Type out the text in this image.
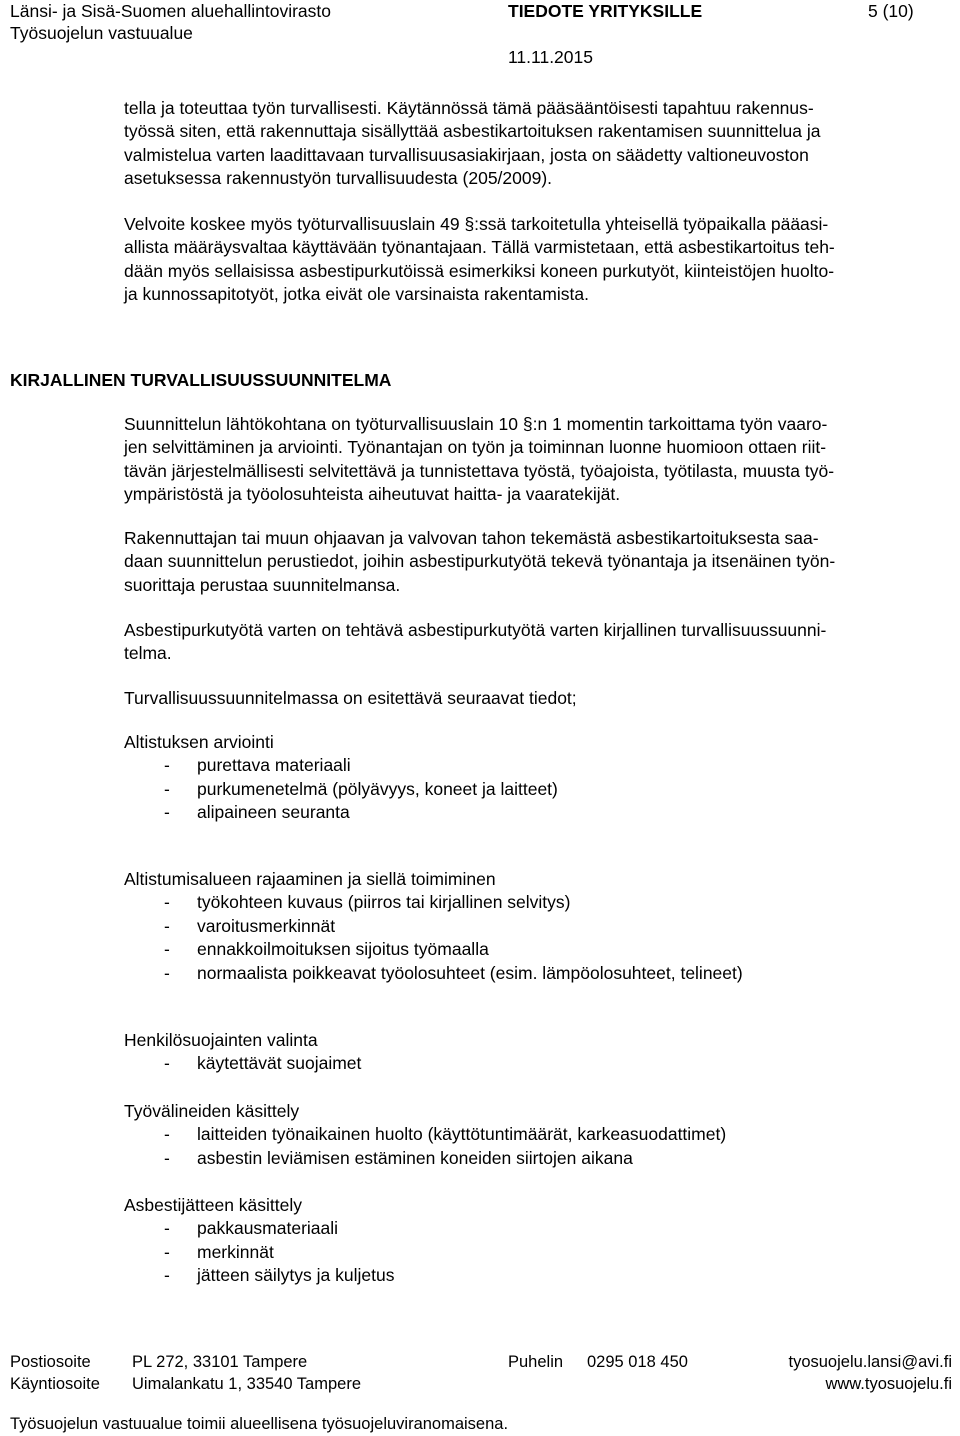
Länsi- ja Sisä-Suomen aluehallintovirasto
Työsuojelun vastuualue
TIEDOTE YRITYKSILLE	5 (10)
11.11.2015
tella ja toteuttaa työn turvallisesti. Käytännössä tämä pääsääntöisesti tapahtuu rakennus-
työssä siten, että rakennuttaja sisällyttää asbestikartoituksen rakentamisen suunnittelua ja
valmistelua varten laadittavaan turvallisuusasiakirjaan, josta on säädetty valtioneuvoston
asetuksessa rakennustyön turvallisuudesta (205/2009).
Velvoite koskee myös työturvallisuuslain 49 §:ssä tarkoitetulla yhteisellä työpaikalla pääasi-
allista määräysvaltaa käyttävään työnantajaan. Tällä varmistetaan, että asbestikartoitus teh-
dään myös sellaisissa asbestipurkutöissä esimerkiksi koneen purkutyöt, kiinteistöjen huolto-
ja kunnossapitotyöt, jotka eivät ole varsinaista rakentamista.
KIRJALLINEN TURVALLISUUSSUUNNITELMA
Suunnittelun lähtökohtana on työturvallisuuslain 10 §:n 1 momentin tarkoittama työn vaaro-
jen selvittäminen ja arviointi. Työnantajan on työn ja toiminnan luonne huomioon ottaen riit-
tävän järjestelmällisesti selvitettävä ja tunnistettava työstä, työajoista, työtilasta, muusta työ-
ympäristöstä ja työolosuhteista aiheutuvat haitta- ja vaaratekijät.
Rakennuttajan tai muun ohjaavan ja valvovan tahon tekemästä asbestikartoituksesta saa-
daan suunnittelun perustiedot, joihin asbestipurkutyötä tekevä työnantaja ja itsenäinen työn-
suorittaja perustaa suunnitelmansa.
Asbestipurkutyötä varten on tehtävä asbestipurkutyötä varten kirjallinen turvallisuussuunni-
telma.
Turvallisuussuunnitelmassa on esitettävä seuraavat tiedot;
Altistuksen arviointi
- purettava materiaali
- purkumenetelmä (pölyävyys, koneet ja laitteet)
- alipaineen seuranta
Altistumisalueen rajaaminen ja siellä toimiminen
- työkohteen kuvaus (piirros tai kirjallinen selvitys)
- varoitusmerkinnät
- ennakkoilmoituksen sijoitus työmaalla
- normaalista poikkeavat työolosuhteet (esim. lämpöolosuhteet, telineet)
Henkilösuojainten valinta
- käytettävät suojaimet
Työvälineiden käsittely
- laitteiden työnaikainen huolto (käyttötuntimäärät, karkeasuodattimet)
- asbestin leviämisen estäminen koneiden siirtojen aikana
Asbestijätteen käsittely
- pakkausmateriaali
- merkinnät
- jätteen säilytys ja kuljetus
Postiosoite	PL 272, 33101 Tampere	Puhelin 0295 018 450	tyosuojelu.lansi@avi.fi
Käyntiosoite Uimalankatu 1, 33540 Tampere	www.tyosuojelu.fi
Työsuojelun vastuualue toimii alueellisena työsuojeluviranomaisena.
